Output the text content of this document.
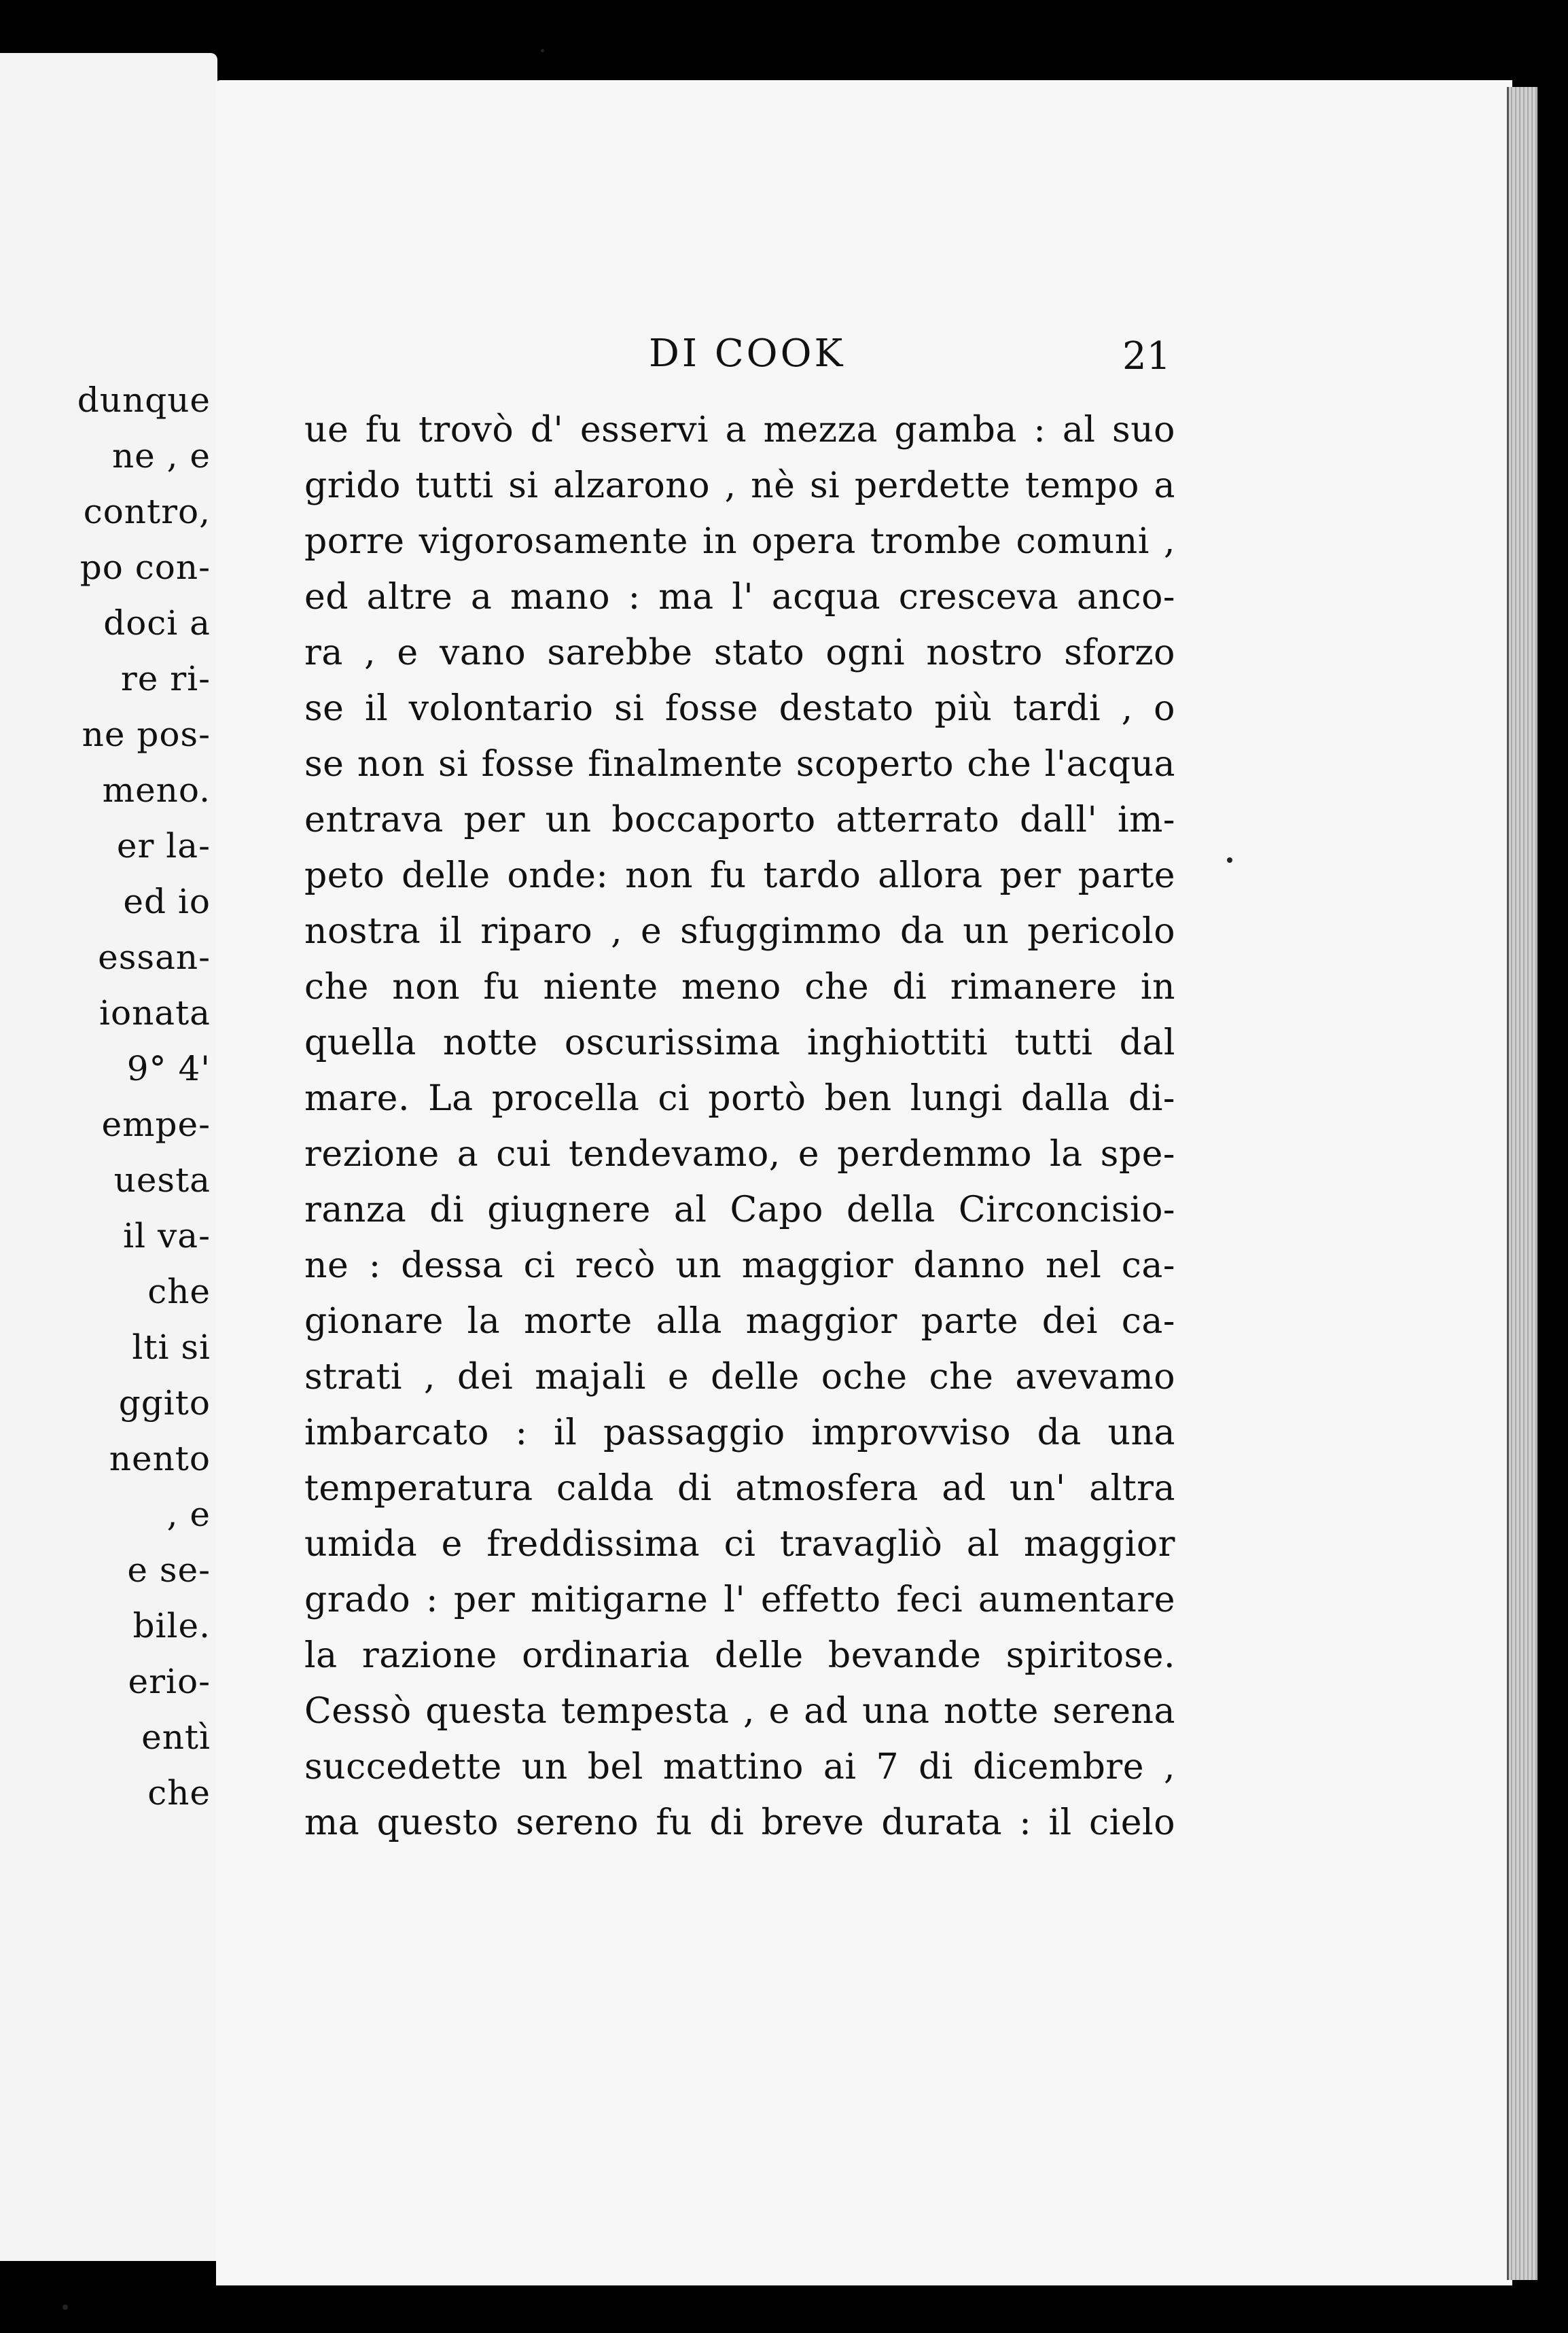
dunque
ne , e
contro,
po con-
doci a
re ri-
ne pos-
meno.
er la-
ed io
essan-
ionata
9° 4'
empe-
uesta
il va-
che
lti si
ggito
nento
, e
e se-
bile.
erio-
entì
che
DI COOK	21
ue fu trovò d' esservi a mezza gamba : al suo
grido tutti si alzarono , nè si perdette tempo a
porre vigorosamente in opera trombe comuni ,
ed altre a mano : ma l' acqua cresceva anco-
ra , e vano sarebbe stato ogni nostro sforzo
se il volontario si fosse destato più tardi , o
se non si fosse finalmente scoperto che l'acqua
entrava per un boccaporto atterrato dall' im-
peto delle onde: non fu tardo allora per parte
nostra il riparo , e sfuggimmo da un pericolo
che non fu niente meno che di rimanere in
quella notte oscurissima inghiottiti tutti dal
mare. La procella ci portò ben lungi dalla di-
rezione a cui tendevamo, e perdemmo la spe-
ranza di giugnere al Capo della Circoncisio-
ne : dessa ci recò un maggior danno nel ca-
gionare la morte alla maggior parte dei ca-
strati , dei majali e delle oche che avevamo
imbarcato : il passaggio improvviso da una
temperatura calda di atmosfera ad un' altra
umida e freddissima ci travagliò al maggior
grado : per mitigarne l' effetto feci aumentare
la razione ordinaria delle bevande spiritose.
Cessò questa tempesta , e ad una notte serena
succedette un bel mattino ai 7 di dicembre ,
ma questo sereno fu di breve durata : il cielo
